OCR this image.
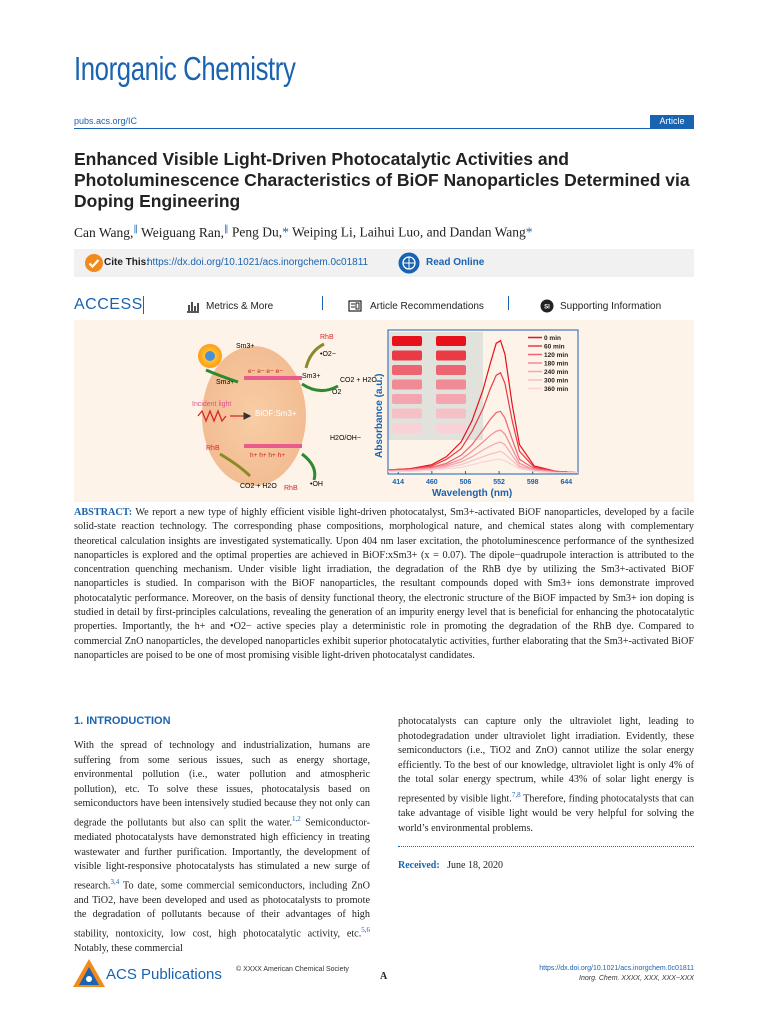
Inorganic Chemistry
pubs.acs.org/IC	Article
Enhanced Visible Light-Driven Photocatalytic Activities and Photoluminescence Characteristics of BiOF Nanoparticles Determined via Doping Engineering
Can Wang,∥ Weiguang Ran,∥ Peng Du,* Weiping Li, Laihui Luo, and Dandan Wang*
Cite This:
https://dx.doi.org/10.1021/acs.inorgchem.0c01811	Read Online
ACCESS	Metrics & More	Article Recommendations	SI Supporting Information
RhB
Sm3+
Sm3+
Sm3+
•O2−
CO2 + H2O
O2
Incident light
e− e− e− e−
BiOF:Sm3+
h+ h+ h+ h+
H2O/OH−
RhB
•OH
CO2 + H2O RhB
Absorbance (a.u.)
Wavelength (nm)
414	460	506	552	598	644
0 min
60 min
120 min
180 min
240 min
300 min
360 min

ABSTRACT: We report a new type of highly efficient visible light-driven photocatalyst, Sm3+-activated BiOF nanoparticles, developed by a facile solid-state reaction technology. The corresponding phase compositions, morphological nature, and chemical states along with complementary theoretical calculation insights are investigated systematically. Upon 404 nm laser excitation, the photoluminescence performance of the synthesized nanoparticles is explored and the optimal properties are achieved in BiOF:xSm3+ (x = 0.07). The dipole−quadrupole interaction is attributed to the concentration quenching mechanism. Under visible light irradiation, the degradation of the RhB dye by utilizing the Sm3+-activated BiOF nanoparticles is studied. In comparison with the BiOF nanoparticles, the resultant compounds doped with Sm3+ ions demonstrate improved photocatalytic performance. Moreover, on the basis of density functional theory, the electronic structure of the BiOF impacted by Sm3+ ion doping is studied in detail by first-principles calculations, revealing the generation of an impurity energy level that is beneficial for enhancing the photocatalytic properties. Importantly, the h+ and •O2− active species play a deterministic role in promoting the degradation of the RhB dye. Compared to commercial ZnO nanoparticles, the developed nanoparticles exhibit superior photocatalytic activities, further elaborating that the Sm3+-activated BiOF nanoparticles are poised to be one of most promising visible light-driven photocatalyst candidates.

1. INTRODUCTION

With the spread of technology and industrialization, humans are suffering from some serious issues, such as energy shortage, environmental pollution (i.e., water pollution and atmospheric pollution), etc. To solve these issues, photocatalysis based on semiconductors have been intensively studied because they not only can degrade the pollutants but also can split the water.$^{1,2}$ Semiconductor-mediated photocatalysts have demonstrated high efficiency in treating wastewater and further purification. Importantly, the development of visible light-responsive photocatalysts has stimulated a new surge of research.$^{3,4}$ To date, some commercial semiconductors, including ZnO and TiO2, have been developed and used as photocatalysts to promote the degradation of pollutants because of their advantages of high stability, nontoxicity, low cost, high photocatalytic activity, etc.$^{5,6}$ Notably, these commercial

photocatalysts can capture only the ultraviolet light, leading to photodegradation under ultraviolet light irradiation. Evidently, these semiconductors (i.e., TiO2 and ZnO) cannot utilize the solar energy efficiently. To the best of our knowledge, ultraviolet light is only 4% of the total solar energy spectrum, while 43% of solar light energy is represented by visible light.$^{7,8}$ Therefore, finding photocatalysts that can take advantage of visible light would be very helpful for solving the world’s environmental problems.

Received: June 18, 2020
ACS Publications © XXXX American Chemical Society
A
https://dx.doi.org/10.1021/acs.inorgchem.0c01811
Inorg. Chem. XXXX, XXX, XXX−XXX
